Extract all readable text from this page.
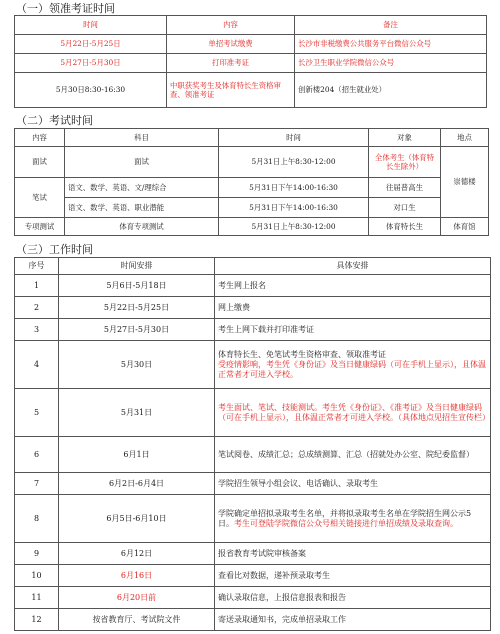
（一）领准考证时间
时间	内容	备注
5月22日-5月25日	单招考试缴费	长沙市非税缴费公共服务平台微信公众号
5月27日-5月30日	打印准考证	长沙卫生职业学院微信公众号
5月30日8:30-16:30	中职获奖考生及体育特长生资格审查、领准考证	创新楼204（招生就业处）
（二）考试时间
内容	科目	时间	对象	地点
面试	面试	5月31日上午8:30-12:00	全体考生（体育特长生除外）	崇德楼
笔试	语文、数学、英语、文/理综合	5月31日下午14:00-16:30	往届普高生	
	语文、数学、英语、职业潜能	5月31日下午14:00-16:30	对口生	
专项测试	体育专项测试	5月31日上午8:30-12:00	体育特长生	体育馆
（三）工作时间
序号	时间安排	具体安排
1	5月6日-5月18日	考生网上报名
2	5月22日-5月25日	网上缴费
3	5月27日-5月30日	考生上网下载并打印准考证
4	5月30日	体育特长生、免笔试考生资格审查、领取准考证
受疫情影响，考生凭《身份证》及当日健康绿码（可在手机上显示），且体温正常者才可进入学校。
5	5月31日	考生面试、笔试、技能测试。考生凭《身份证》、《准考证》及当日健康绿码（可在手机上显示），且体温正常者才可进入学校。（具体地点见招生宣传栏）
6	6月1日	笔试阅卷、成绩汇总；总成绩测算、汇总（招就处办公室、院纪委监督）
7	6月2日-6月4日	学院招生领导小组会议、电话确认、录取考生
8	6月5日-6月10日	学院确定单招拟录取考生名单，并将拟录取考生名单在学院招生网公示5日。考生可登陆学院微信公众号相关链接进行单招成绩及录取查询。
9	6月12日	报省教育考试院审核备案
10	6月16日	查看比对数据，递补预录取考生
11	6月20日前	确认录取信息，上报信息报表和报告
12	按省教育厅、考试院文件	寄送录取通知书，完成单招录取工作
